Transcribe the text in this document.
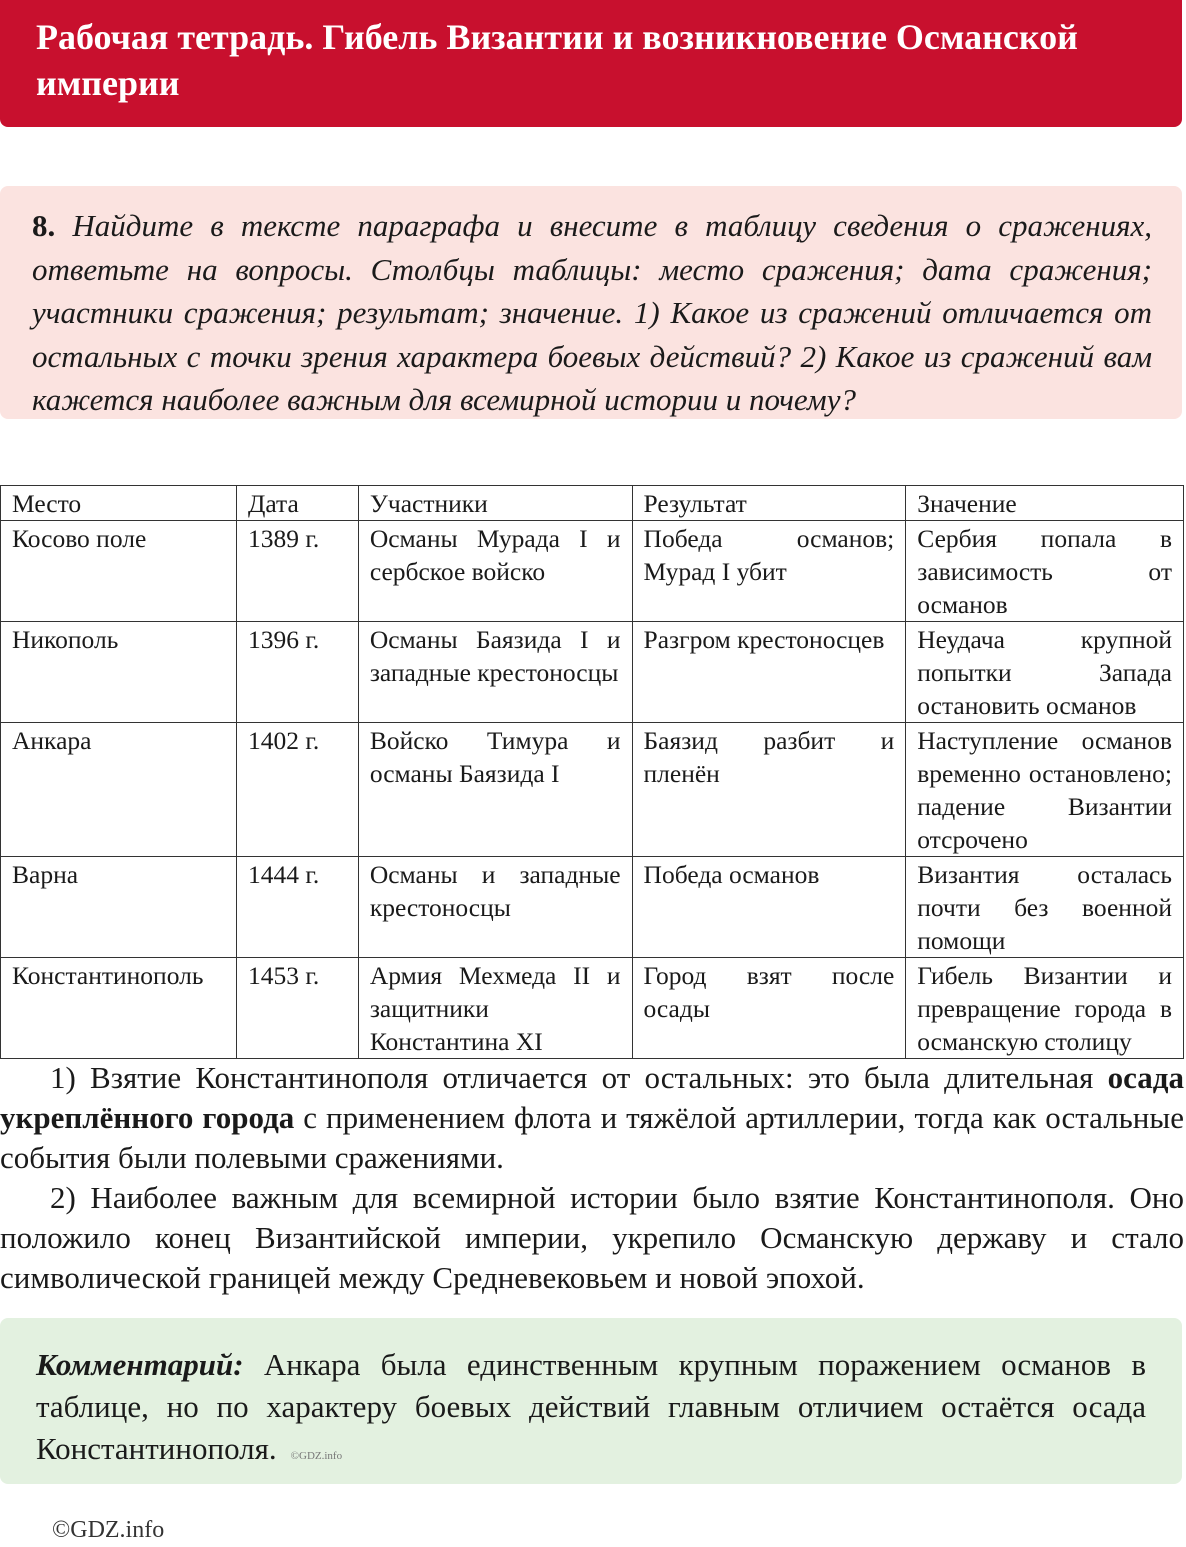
Рабочая тетрадь. Гибель Византии и возникновение Османской империи
8. Найдите в тексте параграфа и внесите в таблицу сведения о сражениях, ответьте на вопросы. Столбцы таблицы: место сражения; дата сражения; участники сражения; результат; значение. 1) Какое из сражений отличается от остальных с точки зрения характера боевых действий? 2) Какое из сражений вам кажется наиболее важным для всемирной истории и почему?
Место	Дата	Участники	Результат	Значение
Косово поле	1389 г.	Османы Мурада I и сербское войско	Победа османов; Мурад I убит	Сербия попала в зависимость от османов
Никополь	1396 г.	Османы Баязида I и западные крестоносцы	Разгром крестоносцев	Неудача крупной попытки Запада остановить османов
Анкара	1402 г.	Войско Тимура и османы Баязида I	Баязид разбит и пленён	Наступление османов временно остановлено; падение Византии отсрочено
Варна	1444 г.	Османы и западные крестоносцы	Победа османов	Византия осталась почти без военной помощи
Константинополь	1453 г.	Армия Мехмеда II и защитники Константина XI	Город взят после осады	Гибель Византии и превращение города в османскую столицу

1) Взятие Константинополя отличается от остальных: это была длительная осада укреплённого города с применением флота и тяжёлой артиллерии, тогда как остальные события были полевыми сражениями.

2) Наиболее важным для всемирной истории было взятие Константинополя. Оно положило конец Византийской империи, укрепило Османскую державу и стало символической границей между Средневековьем и новой эпохой.

Комментарий: Анкара была единственным крупным поражением османов в таблице, но по характеру боевых действий главным отличием остаётся осада Константинополя. ©GDZ.info
©GDZ.info
